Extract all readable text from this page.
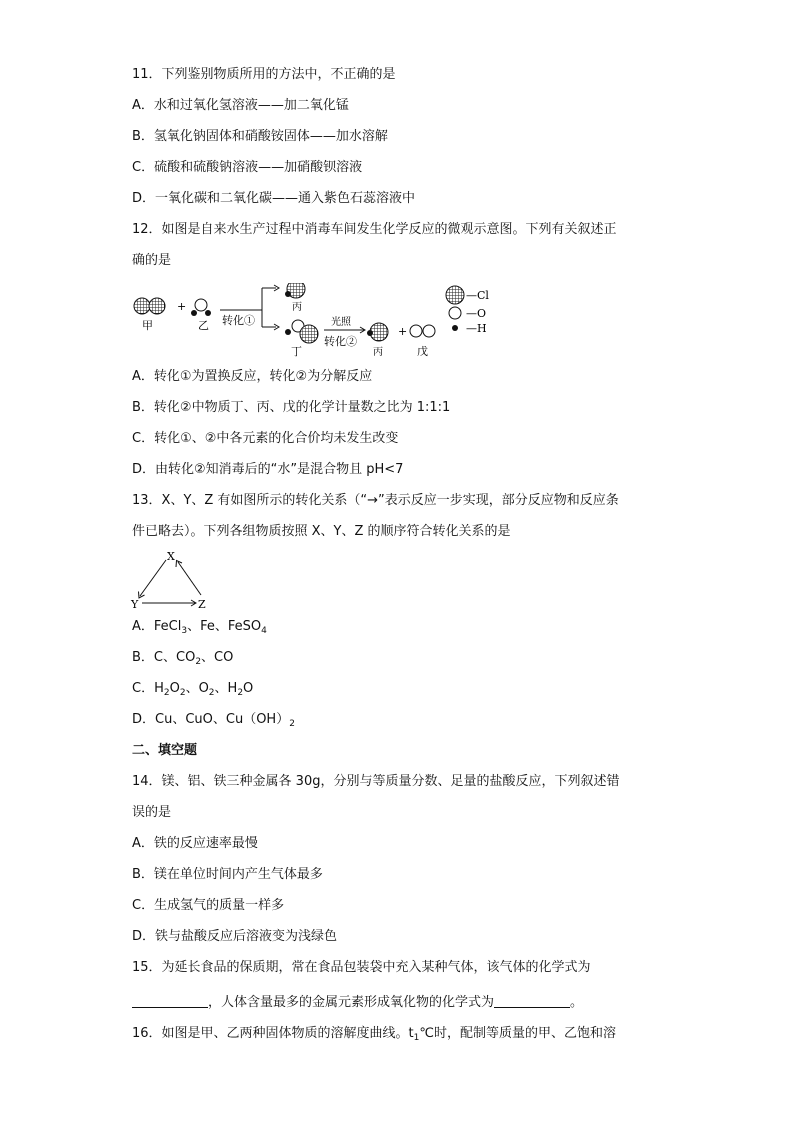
11．下列鉴别物质所用的方法中，不正确的是
A．水和过氧化氢溶液——加二氧化锰
B．氢氧化钠固体和硝酸铵固体——加水溶解
C．硫酸和硫酸钠溶液——加硝酸钡溶液
D．一氧化碳和二氧化碳——通入紫色石蕊溶液中
12．如图是自来水生产过程中消毒车间发生化学反应的微观示意图。下列有关叙述正
确的是
甲
+
乙 转化①
丙
丁
光照
转化②
丙
+
戊
—Cl
—O
—H
A．转化①为置换反应，转化②为分解反应
B．转化②中物质丁、丙、戊的化学计量数之比为 1:1:1
C．转化①、②中各元素的化合价均未发生改变
D．由转化②知消毒后的“水”是混合物且 pH<7
13．X、Y、Z 有如图所示的转化关系（“→”表示反应一步实现，部分反应物和反应条
件已略去）。下列各组物质按照 X、Y、Z 的顺序符合转化关系的是
X
Y	Z
A．FeCl$_3$、Fe、FeSO$_4$
B．C、$CO_2$、CO
C．$H_2O_2$、$O_2$、$H_2O$
D．Cu、CuO、$Cu(OH)_2$
二、填空题
14．镁、铝、铁三种金属各 30g，分别与等质量分数、足量的盐酸反应，下列叙述错
误的是
A．铁的反应速率最慢
B．镁在单位时间内产生气体最多
C．生成氢气的质量一样多
D．铁与盐酸反应后溶液变为浅绿色
15．为延长食品的保质期，常在食品包装袋中充入某种气体，该气体的化学式为
，人体含量最多的金属元素形成氧化物的化学式为	。
16．如图是甲、乙两种固体物质的溶解度曲线。$t_1℃$时，配制等质量的甲、乙饱和溶
